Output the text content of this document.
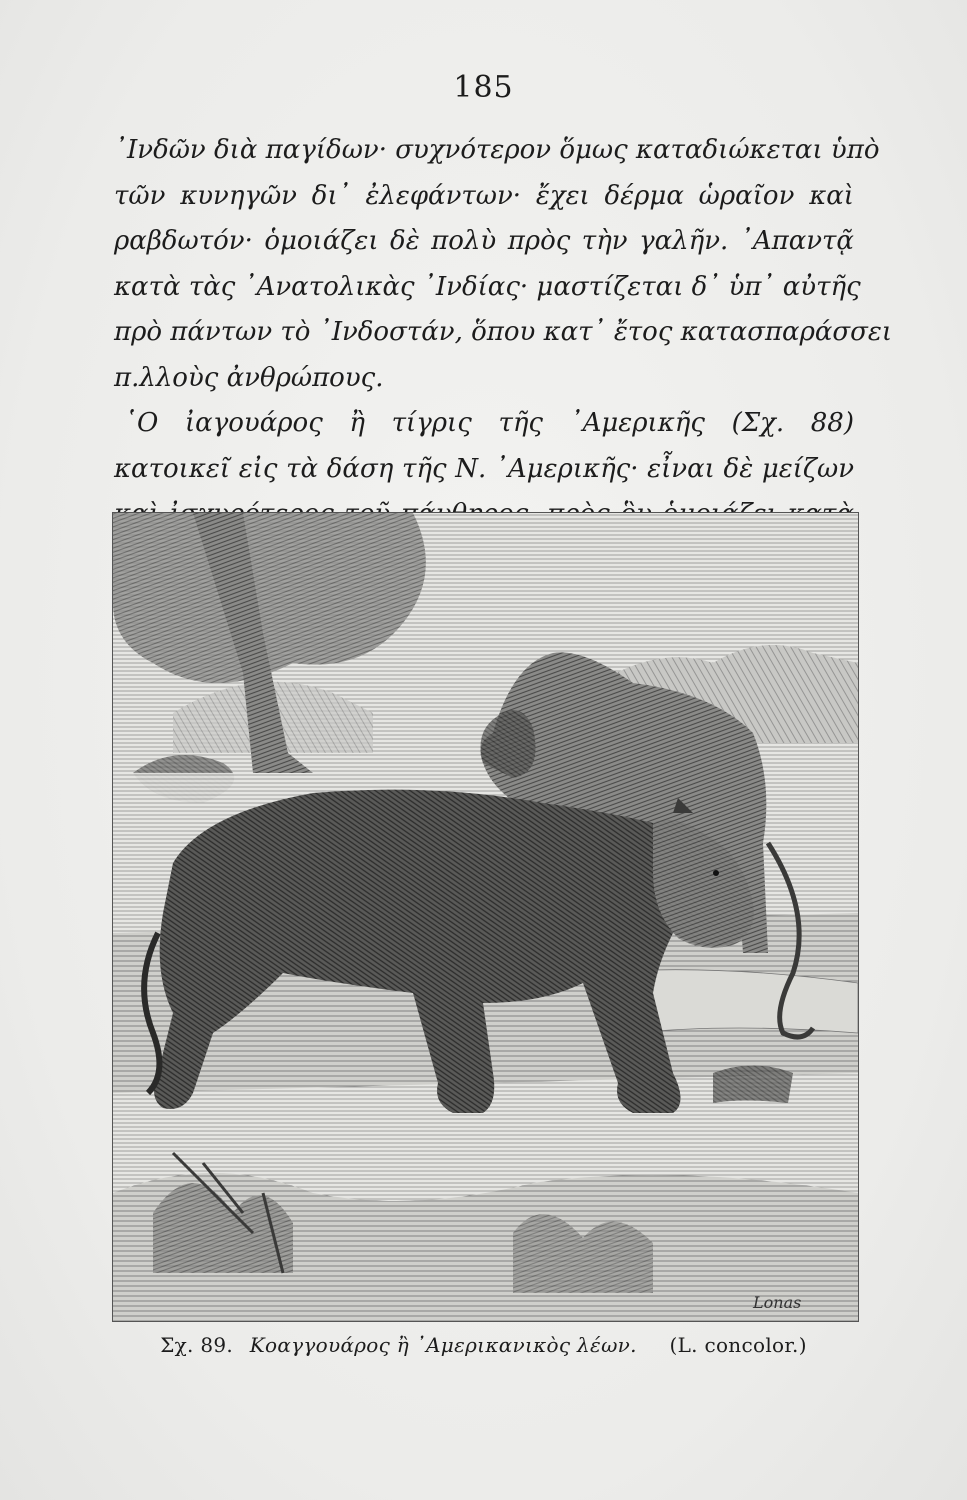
185
᾽Ινδῶν διὰ παγίδων· συχνότερον ὅμως καταδιώκεται ὑπὸ
τῶν κυνηγῶν δι᾽ ἐλεφάντων· ἔχει δέρμα ὡραῖον καὶ
ραβδωτόν· ὁμοιάζει δὲ πολὺ πρὸς τὴν γαλῆν. ᾽Απαντᾷ
κατὰ τὰς ᾽Ανατολικὰς ᾽Ινδίας· μαστίζεται δ᾽ ὑπ᾽ αὐτῆς
πρὸ πάντων τὸ ᾽Ινδοστάν, ὅπου κατ᾽ ἔτος κατασπαράσσει
π.λλοὺς ἀνθρώπους.
῾Ο ἰαγουάρος ἢ τίγρις τῆς ᾽Αμερικῆς (Σχ. 88)
κατοικεῖ εἰς τὰ δάση τῆς Ν. ᾽Αμερικῆς· εἶναι δὲ μείζων
Lonas
Σχ. 89. Κοαγγουάρος ἢ ᾽Αμερικανικὸς λέων. (L. concolor.)
